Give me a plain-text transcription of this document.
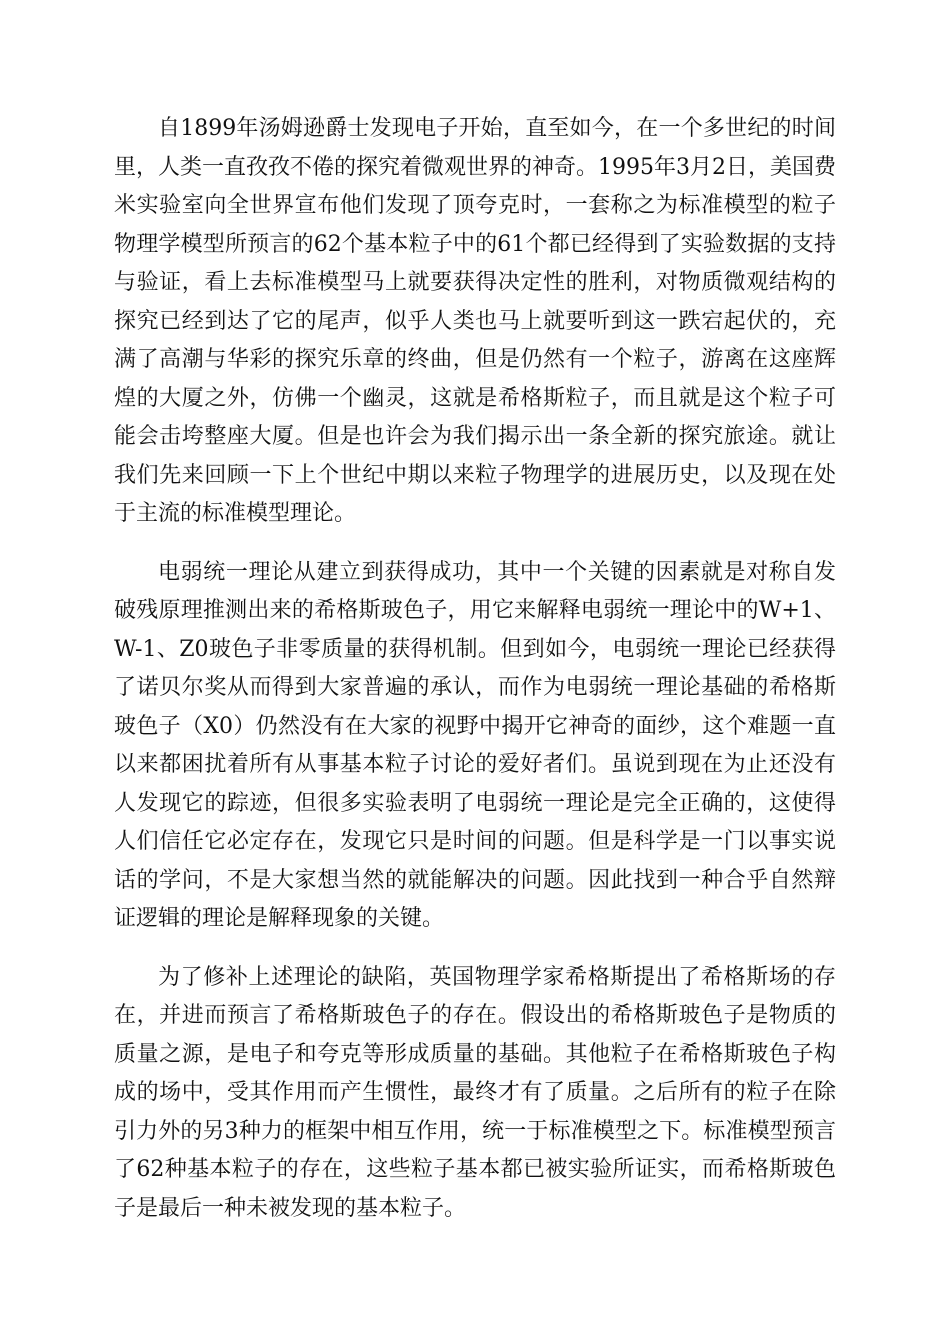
自1899年汤姆逊爵士发现电子开始，直至如今，在一个多世纪的时间里，人类一直孜孜不倦的探究着微观世界的神奇。1995年3月2日，美国费米实验室向全世界宣布他们发现了顶夸克时，一套称之为标准模型的粒子物理学模型所预言的62个基本粒子中的61个都已经得到了实验数据的支持与验证，看上去标准模型马上就要获得决定性的胜利，对物质微观结构的探究已经到达了它的尾声，似乎人类也马上就要听到这一跌宕起伏的，充满了高潮与华彩的探究乐章的终曲，但是仍然有一个粒子，游离在这座辉煌的大厦之外，仿佛一个幽灵，这就是希格斯粒子，而且就是这个粒子可能会击垮整座大厦。但是也许会为我们揭示出一条全新的探究旅途。就让我们先来回顾一下上个世纪中期以来粒子物理学的进展历史，以及现在处于主流的标准模型理论。

电弱统一理论从建立到获得成功，其中一个关键的因素就是对称自发破残原理推测出来的希格斯玻色子，用它来解释电弱统一理论中的W+1、W-1、Z0玻色子非零质量的获得机制。但到如今，电弱统一理论已经获得了诺贝尔奖从而得到大家普遍的承认，而作为电弱统一理论基础的希格斯玻色子（X0）仍然没有在大家的视野中揭开它神奇的面纱，这个难题一直以来都困扰着所有从事基本粒子讨论的爱好者们。虽说到现在为止还没有人发现它的踪迹，但很多实验表明了电弱统一理论是完全正确的，这使得人们信任它必定存在，发现它只是时间的问题。但是科学是一门以事实说话的学问，不是大家想当然的就能解决的问题。因此找到一种合乎自然辩证逻辑的理论是解释现象的关键。

为了修补上述理论的缺陷，英国物理学家希格斯提出了希格斯场的存在，并进而预言了希格斯玻色子的存在。假设出的希格斯玻色子是物质的质量之源，是电子和夸克等形成质量的基础。其他粒子在希格斯玻色子构成的场中，受其作用而产生惯性，最终才有了质量。之后所有的粒子在除引力外的另3种力的框架中相互作用，统一于标准模型之下。标准模型预言了62种基本粒子的存在，这些粒子基本都已被实验所证实，而希格斯玻色子是最后一种未被发现的基本粒子。
